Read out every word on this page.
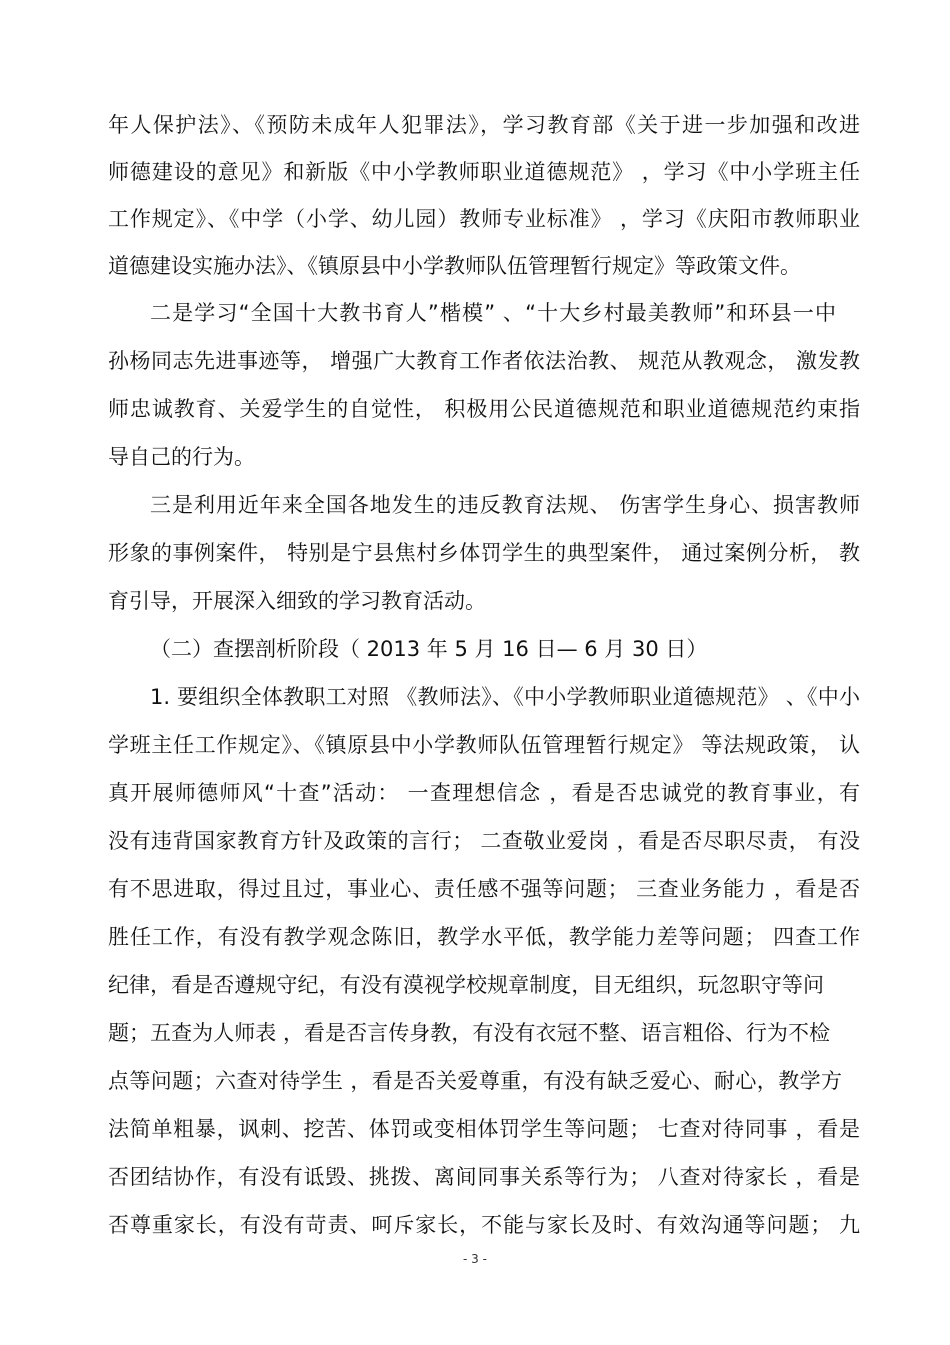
年人保护法》、《预防未成年人犯罪法》，学习教育部《关于进一步加强和改进
师德建设的意见》和新版《中小学教师职业道德规范》 ，学习《中小学班主任
工作规定》、《中学（小学、幼儿园）教师专业标准》 ，学习《庆阳市教师职业
道德建设实施办法》、《镇原县中小学教师队伍管理暂行规定》等政策文件。
二是学习“全国十大教书育人”楷模” 、“十大乡村最美教师”和环县一中
孙杨同志先进事迹等， 增强广大教育工作者依法治教、 规范从教观念， 激发教
师忠诚教育、关爱学生的自觉性， 积极用公民道德规范和职业道德规范约束指
导自己的行为。
三是利用近年来全国各地发生的违反教育法规、 伤害学生身心、损害教师
形象的事例案件， 特别是宁县焦村乡体罚学生的典型案件， 通过案例分析， 教
育引导，开展深入细致的学习教育活动。
（二）查摆剖析阶段（ 2013 年 5 月 16 日— 6 月 30 日）
1. 要组织全体教职工对照 《教师法》、《中小学教师职业道德规范》 、《中小
学班主任工作规定》、《镇原县中小学教师队伍管理暂行规定》 等法规政策， 认
真开展师德师风“十查”活动： 一查理想信念 ，看是否忠诚党的教育事业，有
没有违背国家教育方针及政策的言行； 二查敬业爱岗 ，看是否尽职尽责， 有没
有不思进取，得过且过，事业心、责任感不强等问题； 三查业务能力 ，看是否
胜任工作，有没有教学观念陈旧，教学水平低，教学能力差等问题； 四查工作
纪律，看是否遵规守纪，有没有漠视学校规章制度，目无组织，玩忽职守等问
题；五查为人师表 ，看是否言传身教，有没有衣冠不整、语言粗俗、行为不检
点等问题；六查对待学生 ，看是否关爱尊重，有没有缺乏爱心、耐心，教学方
法简单粗暴，讽刺、挖苦、体罚或变相体罚学生等问题； 七查对待同事 ，看是
否团结协作，有没有诋毁、挑拨、离间同事关系等行为； 八查对待家长 ，看是
否尊重家长，有没有苛责、呵斥家长，不能与家长及时、有效沟通等问题； 九
- 3 -
